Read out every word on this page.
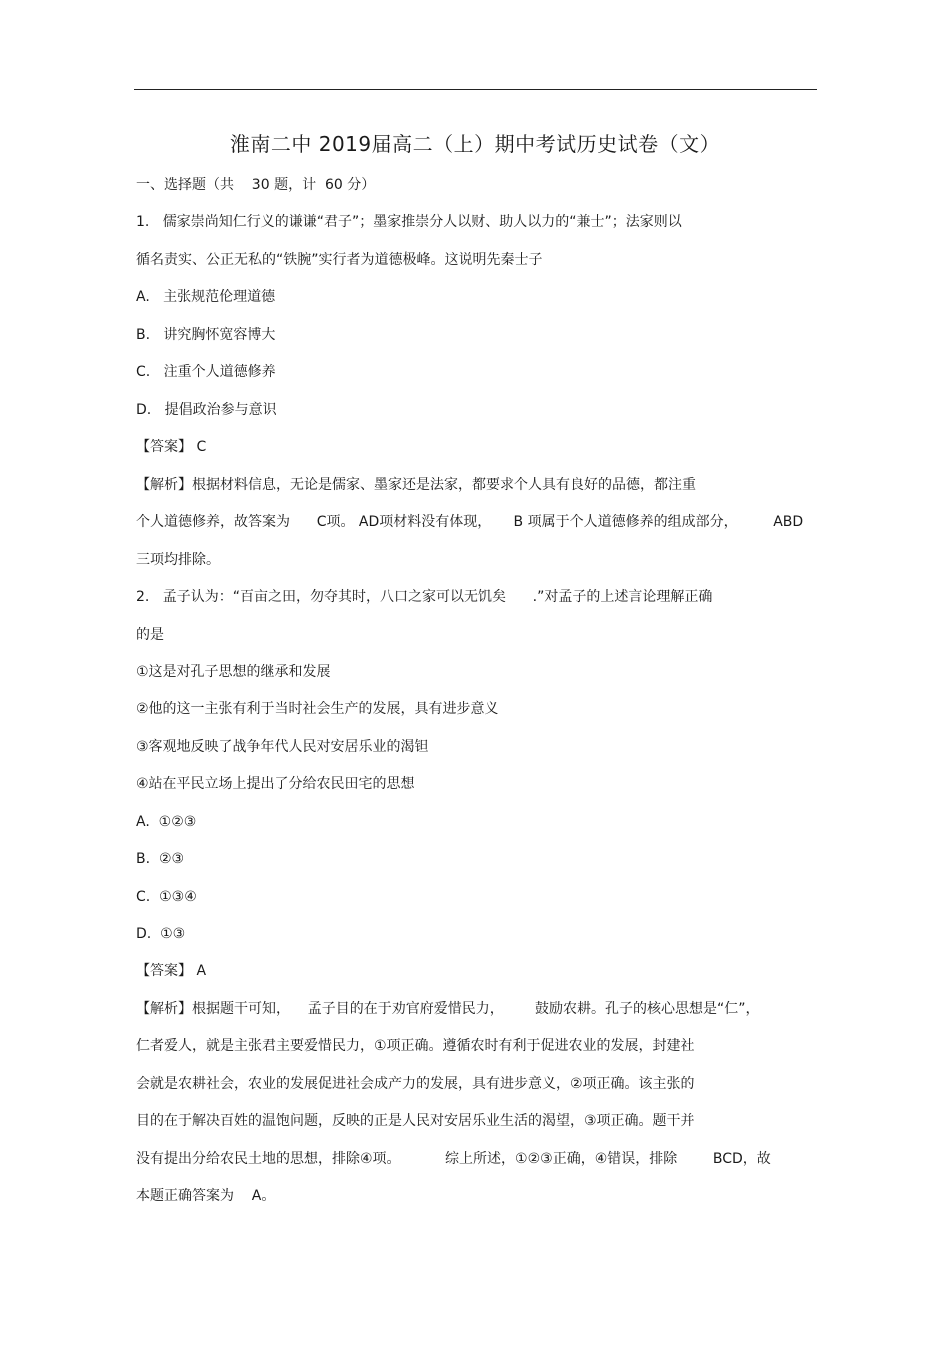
淮南二中 2019届高二（上）期中考试历史试卷（文）
一、选择题（共    30 题，计  60 分）
1.   儒家崇尚知仁行义的谦谦“君子”；墨家推崇分人以财、助人以力的“兼士”；法家则以
循名责实、公正无私的“铁腕”实行者为道德极峰。这说明先秦士子
A.   主张规范伦理道德
B.   讲究胸怀宽容博大
C.   注重个人道德修养
D.   提倡政治参与意识
【答案】 C
【解析】根据材料信息，无论是儒家、墨家还是法家，都要求个人具有良好的品德，都注重
个人道德修养，故答案为      C项。 AD项材料没有体现，     B 项属于个人道德修养的组成部分，        ABD
三项均排除。
2.   孟子认为：“百亩之田，勿夺其时，八口之家可以无饥矣      .”对孟子的上述言论理解正确
的是
①这是对孔子思想的继承和发展
②他的这一主张有利于当时社会生产的发展，具有进步意义
③客观地反映了战争年代人民对安居乐业的渴钽
④站在平民立场上提出了分给农民田宅的思想
A.  ①②③
B.  ②③
C.  ①③④
D.  ①③
【答案】 A
【解析】根据题干可知，    孟子目的在于劝官府爱惜民力，       鼓励农耕。孔子的核心思想是“仁”，
仁者爱人，就是主张君主要爱惜民力，①项正确。遵循农时有利于促进农业的发展，封建社
会就是农耕社会，农业的发展促进社会成产力的发展，具有进步意义，②项正确。该主张的
目的在于解决百姓的温饱问题，反映的正是人民对安居乐业生活的渴望，③项正确。题干并
没有提出分给农民土地的思想，排除④项。          综上所述，①②③正确，④错误，排除        BCD，故
本题正确答案为    A。
